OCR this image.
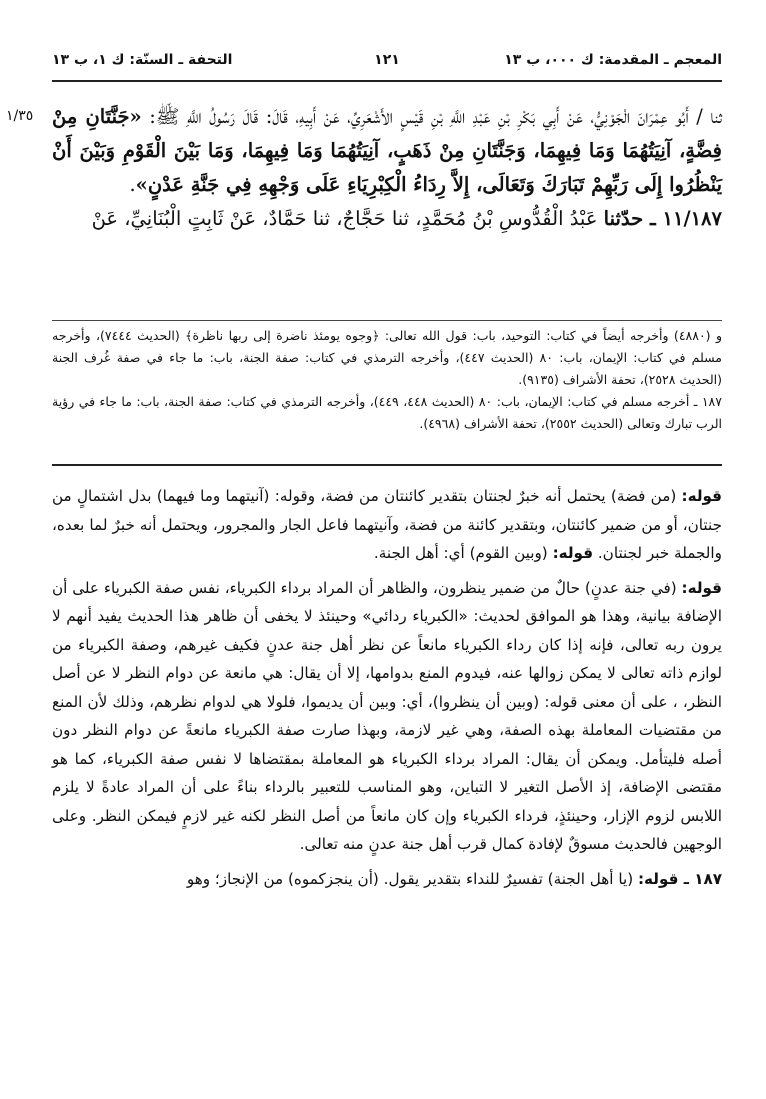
المعجم ـ المقدمة: ك ٠٠٠، ب ١٣
١٢١
التحفة ـ السنّة: ك ١، ب ١٣
١/٣٥	ثنا / أَبُو عِمْرَانَ الْجَوْنِيُّ، عَنْ أَبِي بَكْرِ بْنِ عَبْدِ اللَّهِ بْنِ قَيْسٍ الأَشْعَرِيِّ، عَنْ أَبِيهِ، قَالَ: قَالَ رَسُولُ اللَّهِ ﷺ: «جَنَّتَانِ مِنْ فِضَّةٍ، آنِيَتُهُمَا وَمَا فِيهِمَا، وَجَنَّتَانِ مِنْ ذَهَبٍ، آنِيَتُهُمَا وَمَا فِيهِمَا، وَمَا بَيْنَ الْقَوْمِ وَبَيْنَ أَنْ يَنْظُرُوا إِلَى رَبِّهِمْ تَبَارَكَ وَتَعَالَى، إِلاَّ رِدَاءُ الْكِبْرِيَاءِ عَلَى وَجْهِهِ فِي جَنَّةِ عَدْنٍ».

١١/١٨٧ ـ حدّثنا عَبْدُ الْقُدُّوسِ بْنُ مُحَمَّدٍ، ثنا حَجَّاجٌ، ثنا حَمَّادٌ، عَنْ ثَابِتٍ الْبُنَانِيِّ، عَنْ

و (٤٨٨٠) وأخرجه أيضاً في كتاب: التوحيد، باب: قول الله تعالى: ﴿وجوه يومئذ ناضرة إلى ربها ناظرة﴾ (الحديث ٧٤٤٤)، وأخرجه مسلم في كتاب: الإيمان، باب: ٨٠ (الحديث ٤٤٧)، وأخرجه الترمذي في كتاب: صفة الجنة، باب: ما جاء في صفة غُرف الجنة (الحديث ٢٥٢٨)، تحفة الأشراف (٩١٣٥).

١٨٧ ـ أخرجه مسلم في كتاب: الإيمان، باب: ٨٠ (الحديث ٤٤٨، ٤٤٩)، وأخرجه الترمذي في كتاب: صفة الجنة، باب: ما جاء في رؤية الرب تبارك وتعالى (الحديث ٢٥٥٢)، تحفة الأشراف (٤٩٦٨).

قوله: (من فضة) يحتمل أنه خبرٌ لجنتان بتقدير كائنتان من فضة، وقوله: (آنيتهما وما فيهما) بدل اشتمالٍ من جنتان، أو من ضمير كائنتان، وبتقدير كائنة من فضة، وآنيتهما فاعل الجار والمجرور، ويحتمل أنه خبرٌ لما بعده، والجملة خبر لجنتان. قوله: (وبين القوم) أي: أهل الجنة.

قوله: (في جنة عدنٍ) حالٌ من ضمير ينظرون، والظاهر أن المراد برداء الكبرياء، نفس صفة الكبرياء على أن الإضافة بيانية، وهذا هو الموافق لحديث: «الكبرياء ردائي» وحينئذ لا يخفى أن ظاهر هذا الحديث يفيد أنهم لا يرون ربه تعالى، فإنه إذا كان رداء الكبرياء مانعاً عن نظر أهل جنة عدنٍ فكيف غيرهم، وصفة الكبرياء من لوازم ذاته تعالى لا يمكن زوالها عنه، فيدوم المنع بدوامها، إلا أن يقال: هي مانعة عن دوام النظر لا عن أصل النظر، ، على أن معنى قوله: (وبين أن ينظروا)، أي: وبين أن يديموا، فلولا هي لدوام نظرهم، وذلك لأن المنع من مقتضيات المعاملة بهذه الصفة، وهي غير لازمة، وبهذا صارت صفة الكبرياء مانعةً عن دوام النظر دون أصله فليتأمل. ويمكن أن يقال: المراد برداء الكبرياء هو المعاملة بمقتضاها لا نفس صفة الكبرياء، كما هو مقتضى الإضافة، إذ الأصل التغير لا التباين، وهو المناسب للتعبير بالرداء بناءً على أن المراد عادةً لا يلزم اللابس لزوم الإزار، وحينئذٍ، فرداء الكبرياء وإن كان مانعاً من أصل النظر لكنه غير لازمٍ فيمكن النظر. وعلى الوجهين فالحديث مسوقٌ لإفادة كمال قرب أهل جنة عدنٍ منه تعالى.

١٨٧ ـ قوله: (يا أهل الجنة) تفسيرٌ للنداء بتقدير يقول. (أن ينجزكموه) من الإنجاز؛ وهو
